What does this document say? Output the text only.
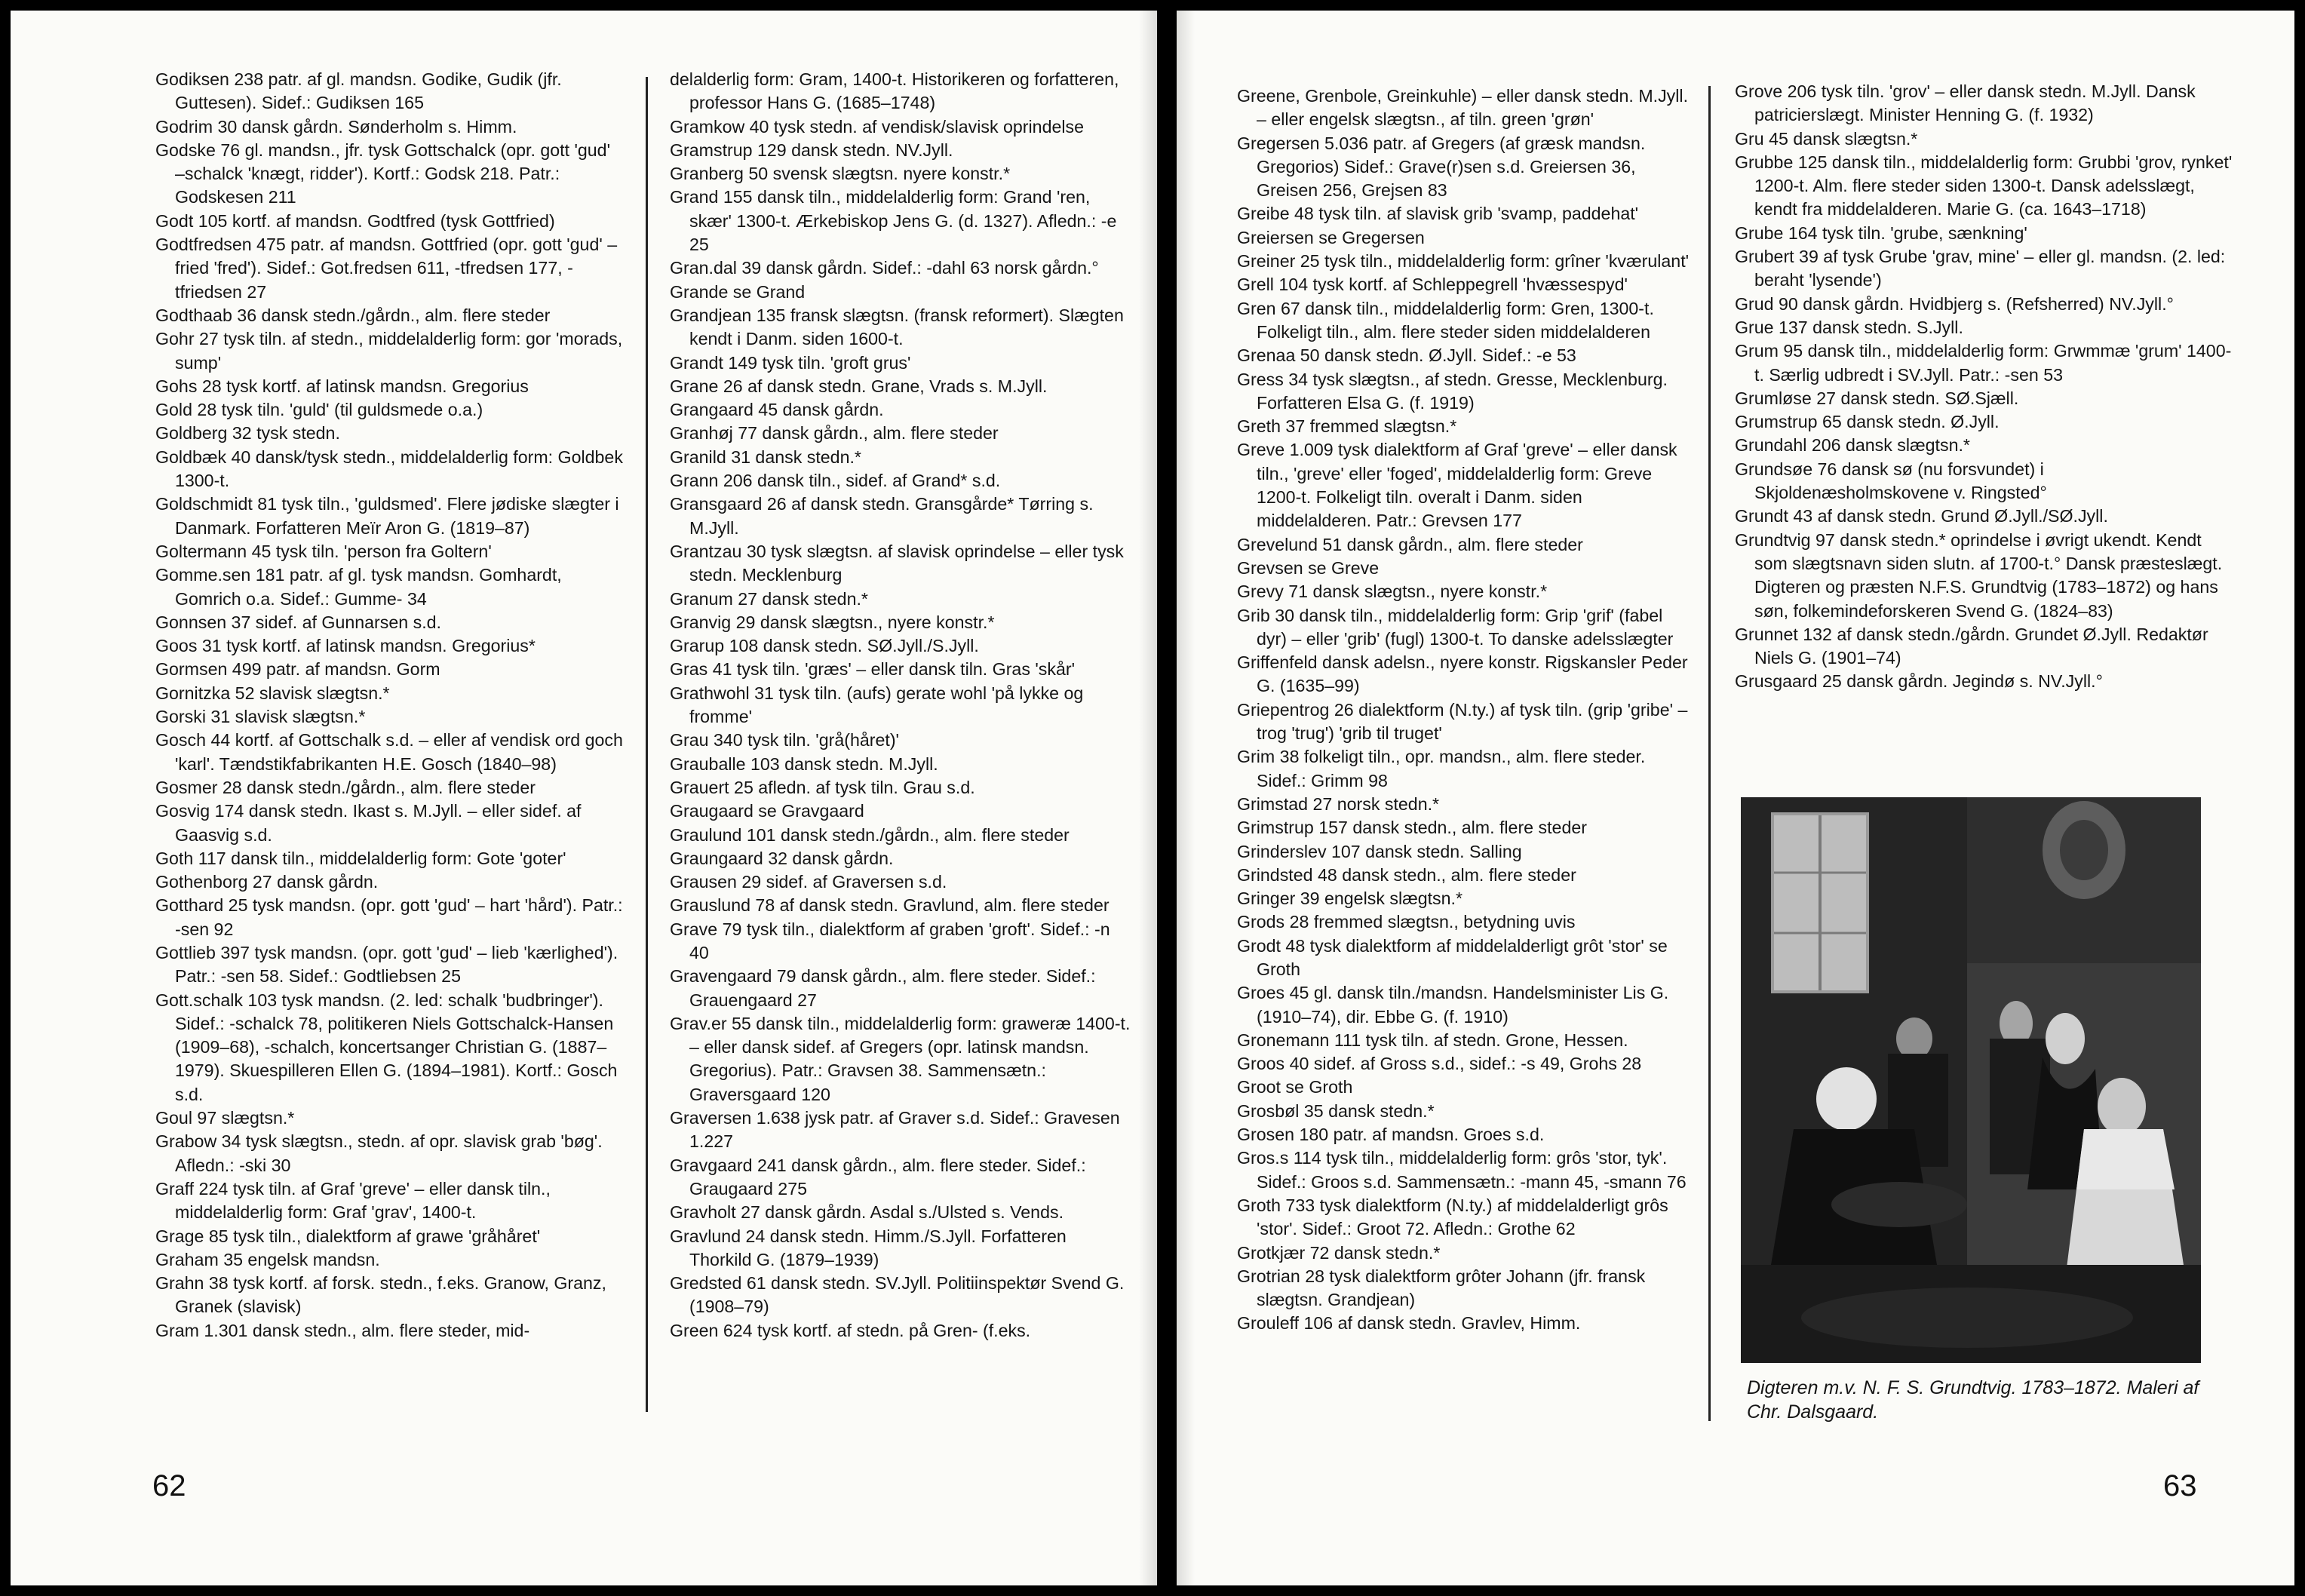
Godiksen 238 patr. af gl. mandsn. Godike, Gudik (jfr. Guttesen). Sidef.: Gudiksen 165

Godrim 30 dansk gårdn. Sønderholm s. Himm.

Godske 76 gl. mandsn., jfr. tysk Gottschalck (opr. gott 'gud' –schalck 'knægt, ridder'). Kortf.: Godsk 218. Patr.: Godskesen 211

Godt 105 kortf. af mandsn. Godtfred (tysk Gottfried)

Godtfredsen 475 patr. af mandsn. Gottfried (opr. gott 'gud' – fried 'fred'). Sidef.: Got.fredsen 611, -tfredsen 177, -tfriedsen 27

Godthaab 36 dansk stedn./gårdn., alm. flere steder

Gohr 27 tysk tiln. af stedn., middelalderlig form: gor 'morads, sump'

Gohs 28 tysk kortf. af latinsk mandsn. Gregorius

Gold 28 tysk tiln. 'guld' (til guldsmede o.a.)

Goldberg 32 tysk stedn.

Goldbæk 40 dansk/tysk stedn., middelalderlig form: Goldbek 1300-t.

Goldschmidt 81 tysk tiln., 'guldsmed'. Flere jødiske slægter i Danmark. Forfatteren Meïr Aron G. (1819–87)

Goltermann 45 tysk tiln. 'person fra Goltern'

Gomme.sen 181 patr. af gl. tysk mandsn. Gomhardt, Gomrich o.a. Sidef.: Gumme- 34

Gonnsen 37 sidef. af Gunnarsen s.d.

Goos 31 tysk kortf. af latinsk mandsn. Gregorius*

Gormsen 499 patr. af mandsn. Gorm

Gornitzka 52 slavisk slægtsn.*

Gorski 31 slavisk slægtsn.*

Gosch 44 kortf. af Gottschalk s.d. – eller af vendisk ord goch 'karl'. Tændstikfabrikanten H.E. Gosch (1840–98)

Gosmer 28 dansk stedn./gårdn., alm. flere steder

Gosvig 174 dansk stedn. Ikast s. M.Jyll. – eller sidef. af Gaasvig s.d.

Goth 117 dansk tiln., middelalderlig form: Gote 'goter'

Gothenborg 27 dansk gårdn.

Gotthard 25 tysk mandsn. (opr. gott 'gud' – hart 'hård'). Patr.: -sen 92

Gottlieb 397 tysk mandsn. (opr. gott 'gud' – lieb 'kærlighed'). Patr.: -sen 58. Sidef.: Godtliebsen 25

Gott.schalk 103 tysk mandsn. (2. led: schalk 'budbringer'). Sidef.: -schalck 78, politikeren Niels Gottschalck-Hansen (1909–68), -schalch, koncertsanger Christian G. (1887–1979). Skuespilleren Ellen G. (1894–1981). Kortf.: Gosch s.d.

Goul 97 slægtsn.*

Grabow 34 tysk slægtsn., stedn. af opr. slavisk grab 'bøg'. Afledn.: -ski 30

Graff 224 tysk tiln. af Graf 'greve' – eller dansk tiln., middelalderlig form: Graf 'grav', 1400-t.

Grage 85 tysk tiln., dialektform af grawe 'gråhåret'

Graham 35 engelsk mandsn.

Grahn 38 tysk kortf. af forsk. stedn., f.eks. Granow, Granz, Granek (slavisk)

Gram 1.301 dansk stedn., alm. flere steder, mid-

delalderlig form: Gram, 1400-t. Historikeren og forfatteren, professor Hans G. (1685–1748)

Gramkow 40 tysk stedn. af vendisk/slavisk oprindelse

Gramstrup 129 dansk stedn. NV.Jyll.

Granberg 50 svensk slægtsn. nyere konstr.*

Grand 155 dansk tiln., middelalderlig form: Grand 'ren, skær' 1300-t. Ærkebiskop Jens G. (d. 1327). Afledn.: -e 25

Gran.dal 39 dansk gårdn. Sidef.: -dahl 63 norsk gårdn.°

Grande se Grand

Grandjean 135 fransk slægtsn. (fransk reformert). Slægten kendt i Danm. siden 1600-t.

Grandt 149 tysk tiln. 'groft grus'

Grane 26 af dansk stedn. Grane, Vrads s. M.Jyll.

Grangaard 45 dansk gårdn.

Granhøj 77 dansk gårdn., alm. flere steder

Granild 31 dansk stedn.*

Grann 206 dansk tiln., sidef. af Grand* s.d.

Gransgaard 26 af dansk stedn. Gransgårde* Tørring s. M.Jyll.

Grantzau 30 tysk slægtsn. af slavisk oprindelse – eller tysk stedn. Mecklenburg

Granum 27 dansk stedn.*

Granvig 29 dansk slægtsn., nyere konstr.*

Grarup 108 dansk stedn. SØ.Jyll./S.Jyll.

Gras 41 tysk tiln. 'græs' – eller dansk tiln. Gras 'skår'

Grathwohl 31 tysk tiln. (aufs) gerate wohl 'på lykke og fromme'

Grau 340 tysk tiln. 'grå(håret)'

Grauballe 103 dansk stedn. M.Jyll.

Grauert 25 afledn. af tysk tiln. Grau s.d.

Graugaard se Gravgaard

Graulund 101 dansk stedn./gårdn., alm. flere steder

Graungaard 32 dansk gårdn.

Grausen 29 sidef. af Graversen s.d.

Grauslund 78 af dansk stedn. Gravlund, alm. flere steder

Grave 79 tysk tiln., dialektform af graben 'groft'. Sidef.: -n 40

Gravengaard 79 dansk gårdn., alm. flere steder. Sidef.: Grauengaard 27

Grav.er 55 dansk tiln., middelalderlig form: graweræ 1400-t. – eller dansk sidef. af Gregers (opr. latinsk mandsn. Gregorius). Patr.: Gravsen 38. Sammensætn.: Graversgaard 120

Graversen 1.638 jysk patr. af Graver s.d. Sidef.: Gravesen 1.227

Gravgaard 241 dansk gårdn., alm. flere steder. Sidef.: Graugaard 275

Gravholt 27 dansk gårdn. Asdal s./Ulsted s. Vends.

Gravlund 24 dansk stedn. Himm./S.Jyll. Forfatteren Thorkild G. (1879–1939)

Gredsted 61 dansk stedn. SV.Jyll. Politiinspektør Svend G. (1908–79)

Green 624 tysk kortf. af stedn. på Gren- (f.eks.

62

Greene, Grenbole, Greinkuhle) – eller dansk stedn. M.Jyll. – eller engelsk slægtsn., af tiln. green 'grøn'

Gregersen 5.036 patr. af Gregers (af græsk mandsn. Gregorios) Sidef.: Grave(r)sen s.d. Greiersen 36, Greisen 256, Grejsen 83

Greibe 48 tysk tiln. af slavisk grib 'svamp, paddehat'

Greiersen se Gregersen

Greiner 25 tysk tiln., middelalderlig form: grîner 'kværulant'

Grell 104 tysk kortf. af Schleppegrell 'hvæssespyd'

Gren 67 dansk tiln., middelalderlig form: Gren, 1300-t. Folkeligt tiln., alm. flere steder siden middelalderen

Grenaa 50 dansk stedn. Ø.Jyll. Sidef.: -e 53

Gress 34 tysk slægtsn., af stedn. Gresse, Mecklenburg. Forfatteren Elsa G. (f. 1919)

Greth 37 fremmed slægtsn.*

Greve 1.009 tysk dialektform af Graf 'greve' – eller dansk tiln., 'greve' eller 'foged', middelalderlig form: Greve 1200-t. Folkeligt tiln. overalt i Danm. siden middelalderen. Patr.: Grevsen 177

Grevelund 51 dansk gårdn., alm. flere steder

Grevsen se Greve

Grevy 71 dansk slægtsn., nyere konstr.*

Grib 30 dansk tiln., middelalderlig form: Grip 'grif' (fabel dyr) – eller 'grib' (fugl) 1300-t. To danske adelsslægter

Griffenfeld dansk adelsn., nyere konstr. Rigskansler Peder G. (1635–99)

Griepentrog 26 dialektform (N.ty.) af tysk tiln. (grip 'gribe' – trog 'trug') 'grib til truget'

Grim 38 folkeligt tiln., opr. mandsn., alm. flere steder. Sidef.: Grimm 98

Grimstad 27 norsk stedn.*

Grimstrup 157 dansk stedn., alm. flere steder

Grinderslev 107 dansk stedn. Salling

Grindsted 48 dansk stedn., alm. flere steder

Gringer 39 engelsk slægtsn.*

Grods 28 fremmed slægtsn., betydning uvis

Grodt 48 tysk dialektform af middelalderligt grôt 'stor' se Groth

Groes 45 gl. dansk tiln./mandsn. Handelsminister Lis G. (1910–74), dir. Ebbe G. (f. 1910)

Gronemann 111 tysk tiln. af stedn. Grone, Hessen.

Groos 40 sidef. af Gross s.d., sidef.: -s 49, Grohs 28

Groot se Groth

Grosbøl 35 dansk stedn.*

Grosen 180 patr. af mandsn. Groes s.d.

Gros.s 114 tysk tiln., middelalderlig form: grôs 'stor, tyk'. Sidef.: Groos s.d. Sammensætn.: -mann 45, -smann 76

Groth 733 tysk dialektform (N.ty.) af middelalderligt grôs 'stor'. Sidef.: Groot 72. Afledn.: Grothe 62

Grotkjær 72 dansk stedn.*

Grotrian 28 tysk dialektform grôter Johann (jfr. fransk slægtsn. Grandjean)

Grouleff 106 af dansk stedn. Gravlev, Himm.

Grove 206 tysk tiln. 'grov' – eller dansk stedn. M.Jyll. Dansk patricierslægt. Minister Henning G. (f. 1932)

Gru 45 dansk slægtsn.*

Grubbe 125 dansk tiln., middelalderlig form: Grubbi 'grov, rynket' 1200-t. Alm. flere steder siden 1300-t. Dansk adelsslægt, kendt fra middelalderen. Marie G. (ca. 1643–1718)

Grube 164 tysk tiln. 'grube, sænkning'

Grubert 39 af tysk Grube 'grav, mine' – eller gl. mandsn. (2. led: beraht 'lysende')

Grud 90 dansk gårdn. Hvidbjerg s. (Refsherred) NV.Jyll.°

Grue 137 dansk stedn. S.Jyll.

Grum 95 dansk tiln., middelalderlig form: Grwmmæ 'grum' 1400-t. Særlig udbredt i SV.Jyll. Patr.: -sen 53

Grumløse 27 dansk stedn. SØ.Sjæll.

Grumstrup 65 dansk stedn. Ø.Jyll.

Grundahl 206 dansk slægtsn.*

Grundsøe 76 dansk sø (nu forsvundet) i Skjoldenæsholmskovene v. Ringsted°

Grundt 43 af dansk stedn. Grund Ø.Jyll./SØ.Jyll.

Grundtvig 97 dansk stedn.* oprindelse i øvrigt ukendt. Kendt som slægtsnavn siden slutn. af 1700-t.° Dansk præsteslægt. Digteren og præsten N.F.S. Grundtvig (1783–1872) og hans søn, folkemindeforskeren Svend G. (1824–83)

Grunnet 132 af dansk stedn./gårdn. Grundet Ø.Jyll. Redaktør Niels G. (1901–74)

Grusgaard 25 dansk gårdn. Jegindø s. NV.Jyll.°

Digteren m.v. N. F. S. Grundtvig. 1783–1872. Maleri af Chr. Dalsgaard.
63
